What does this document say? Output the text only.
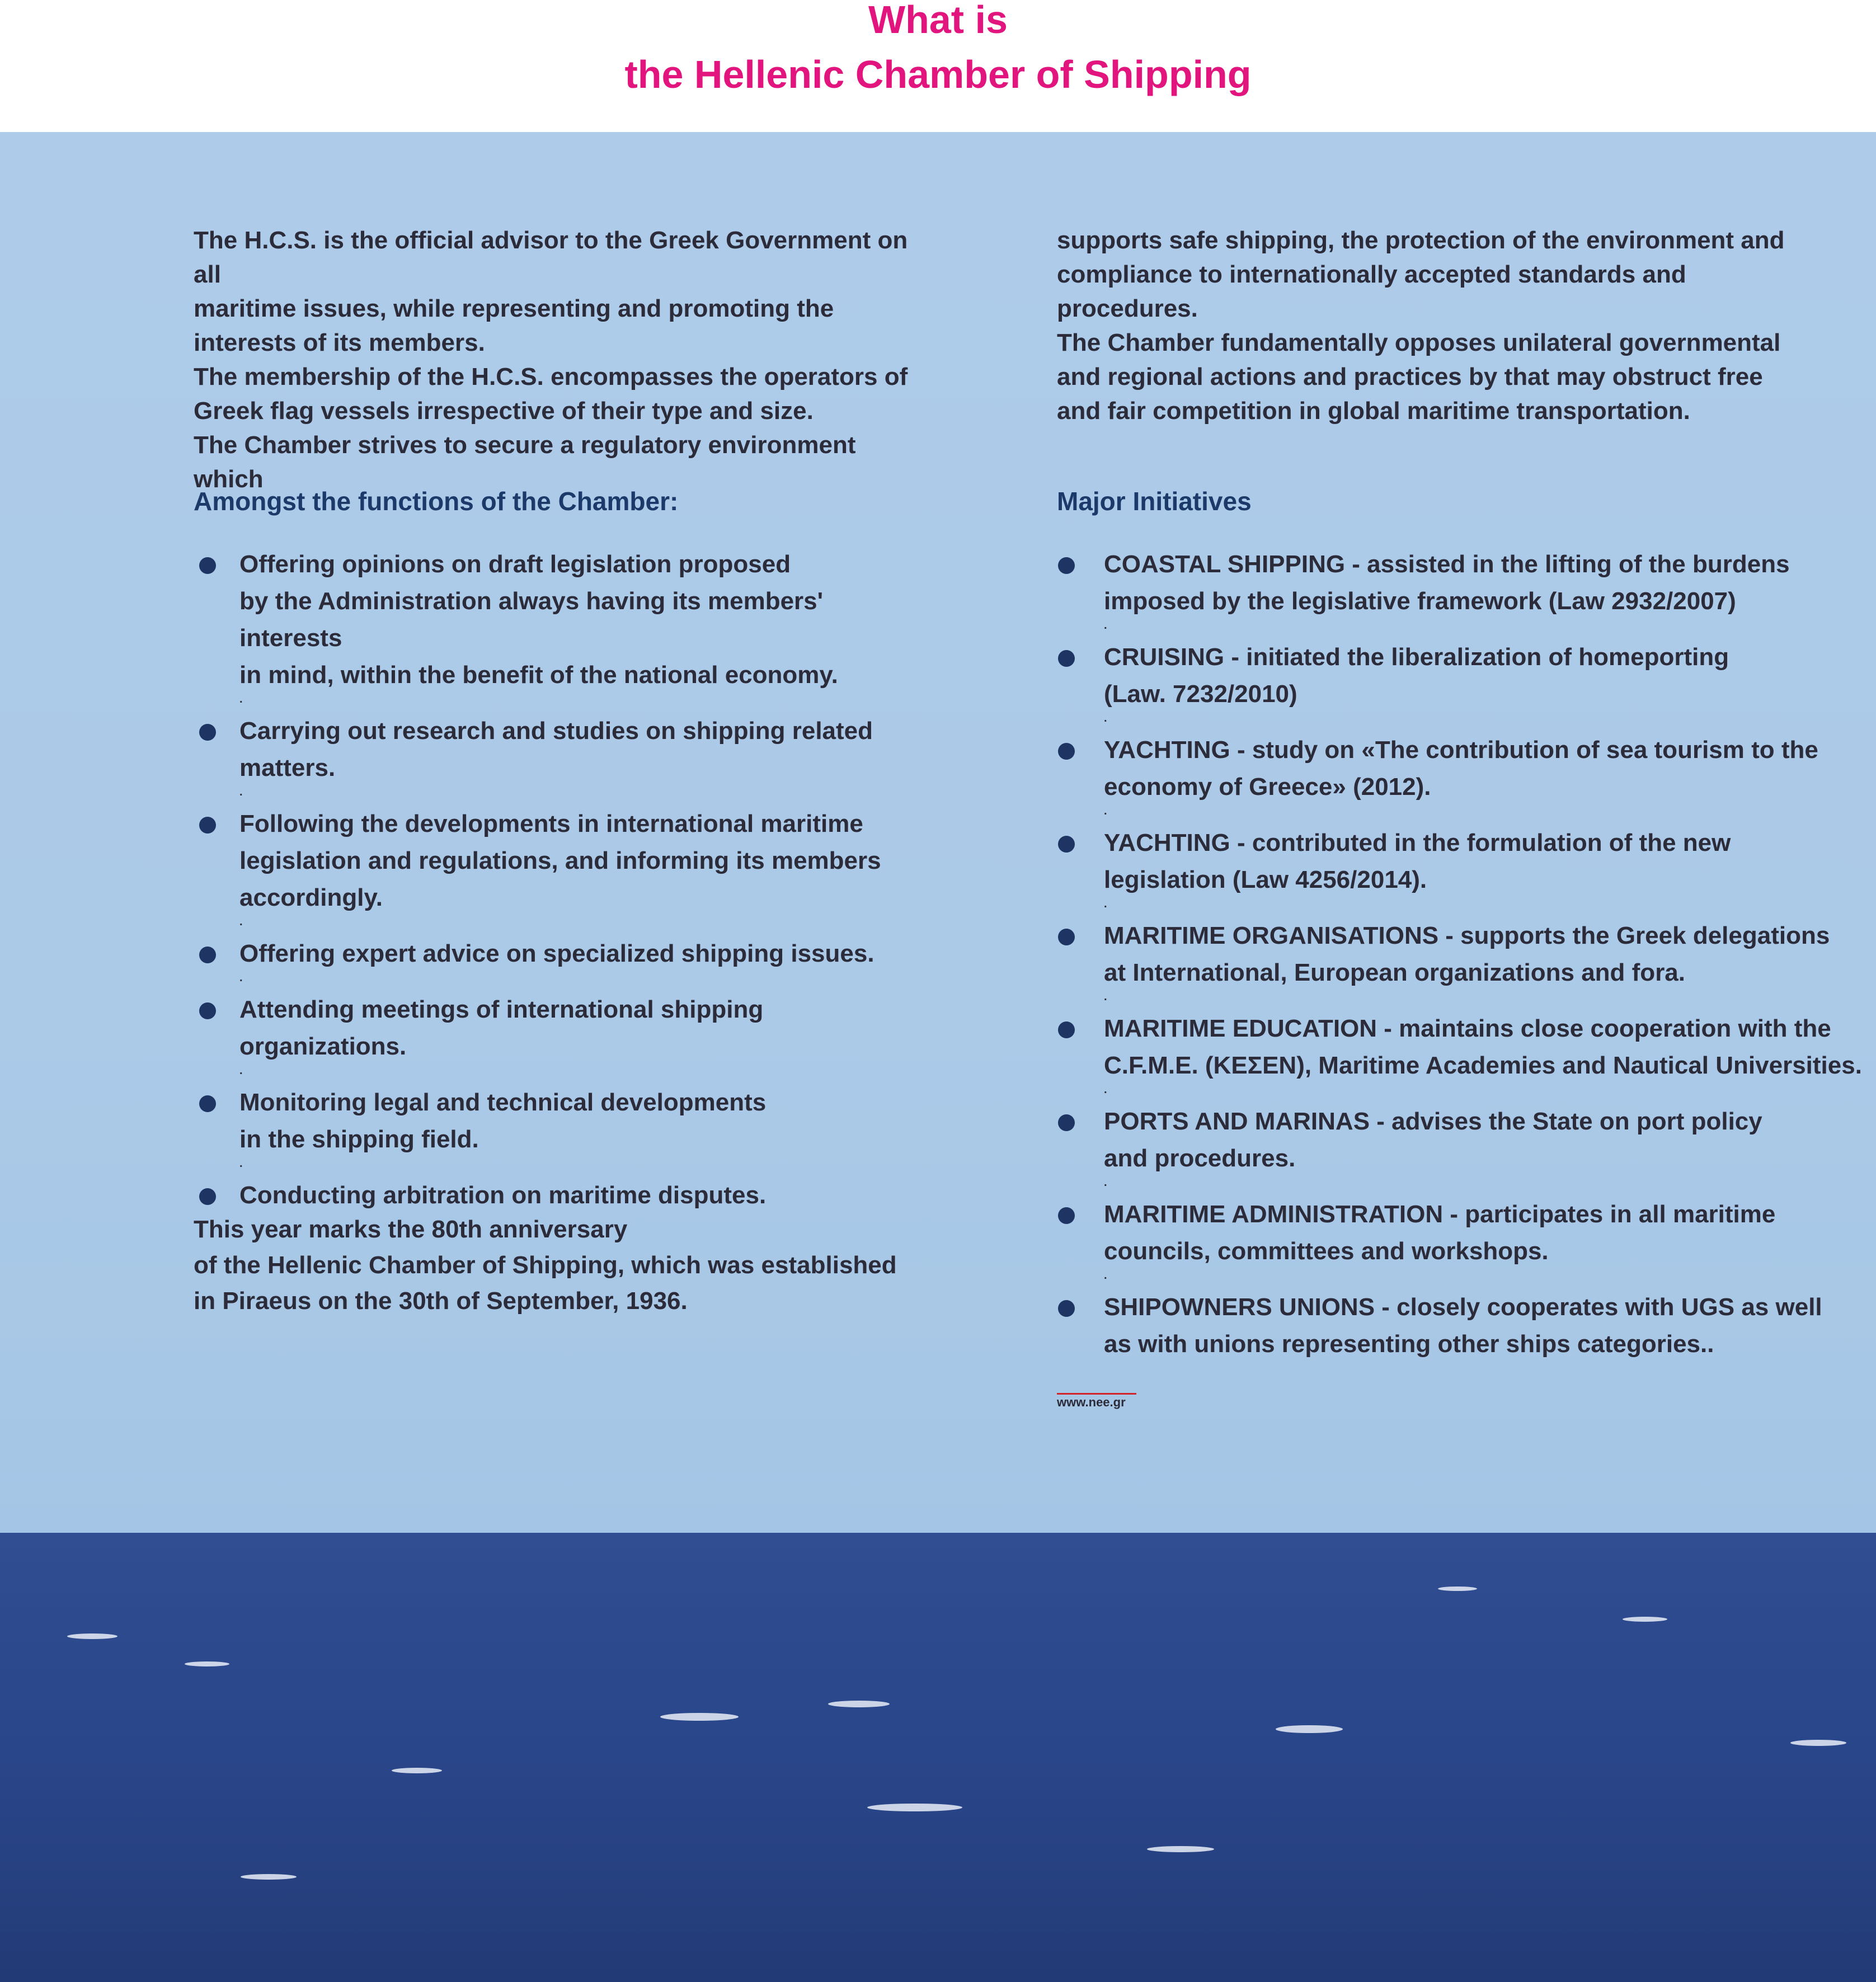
What is
the Hellenic Chamber of Shipping

The H.C.S. is the official advisor to the Greek Government on all

maritime issues, while representing and promoting the

interests of its members.

The membership of the H.C.S. encompasses the operators of

Greek flag vessels irrespective of their type and size.

The Chamber strives to secure a regulatory environment which

supports safe shipping, the protection of the environment and

compliance to internationally accepted standards and

procedures.

The Chamber fundamentally opposes unilateral governmental

and regional actions and practices by that may obstruct free

and fair competition in global maritime transportation.

Amongst the functions of the Chamber:
Offering opinions on draft legislation proposed
by the Administration always having its members' interests
in mind, within the benefit of the national economy.
.
Carrying out research and studies on shipping related
matters.
.
Following the developments in international maritime
legislation and regulations, and informing its members
accordingly.
.
Offering expert advice on specialized shipping issues.
.
Attending meetings of international shipping
organizations.
.
Monitoring legal and technical developments
in the shipping field.
.
Conducting arbitration on maritime disputes.

This year marks the 80th anniversary

of the Hellenic Chamber of Shipping, which was established

in Piraeus on the 30th of September, 1936.

Major Initiatives
COASTAL SHIPPING - assisted in the lifting of the burdens
imposed by the legislative framework (Law 2932/2007)
.
CRUISING - initiated the liberalization of homeporting
(Law. 7232/2010)
.
YACHTING - study on «The contribution of sea tourism to the
economy of Greece» (2012).
.
YACHTING - contributed in the formulation of the new
legislation (Law 4256/2014).
.
MARITIME ORGANISATIONS - supports the Greek delegations
at International, European organizations and fora.
.
MARITIME EDUCATION - maintains close cooperation with the
C.F.M.E. (ΚΕΣΕΝ), Maritime Academies and Nautical Universities.
.
PORTS AND MARINAS - advises the State on port policy
and procedures.
.
MARITIME ADMINISTRATION - participates in all maritime
councils, committees and workshops.
.
SHIPOWNERS UNIONS - closely cooperates with UGS as well
as with unions representing other ships categories..
www.nee.gr
